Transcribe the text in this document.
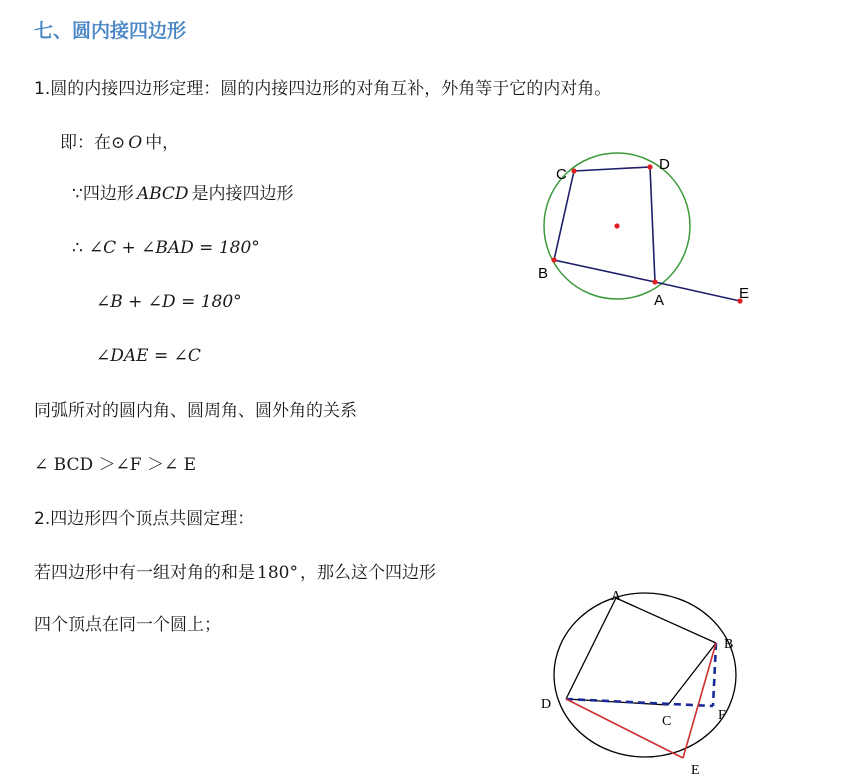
七、圆内接四边形
1.圆的内接四边形定理：圆的内接四边形的对角互补，外角等于它的内对角。
即：在⊙ O 中，
∵四边形 ABCD 是内接四边形
∴ ∠C + ∠BAD = 180°
∠B + ∠D = 180°
∠DAE = ∠C
同弧所对的圆内角、圆周角、圆外角的关系
∠ BCD ＞∠F ＞∠ E
2.四边形四个顶点共圆定理：
若四边形中有一组对角的和是 180° ，那么这个四边形
四个顶点在同一个圆上；
C
D
B
A	E
A
B
D
C	F
E
